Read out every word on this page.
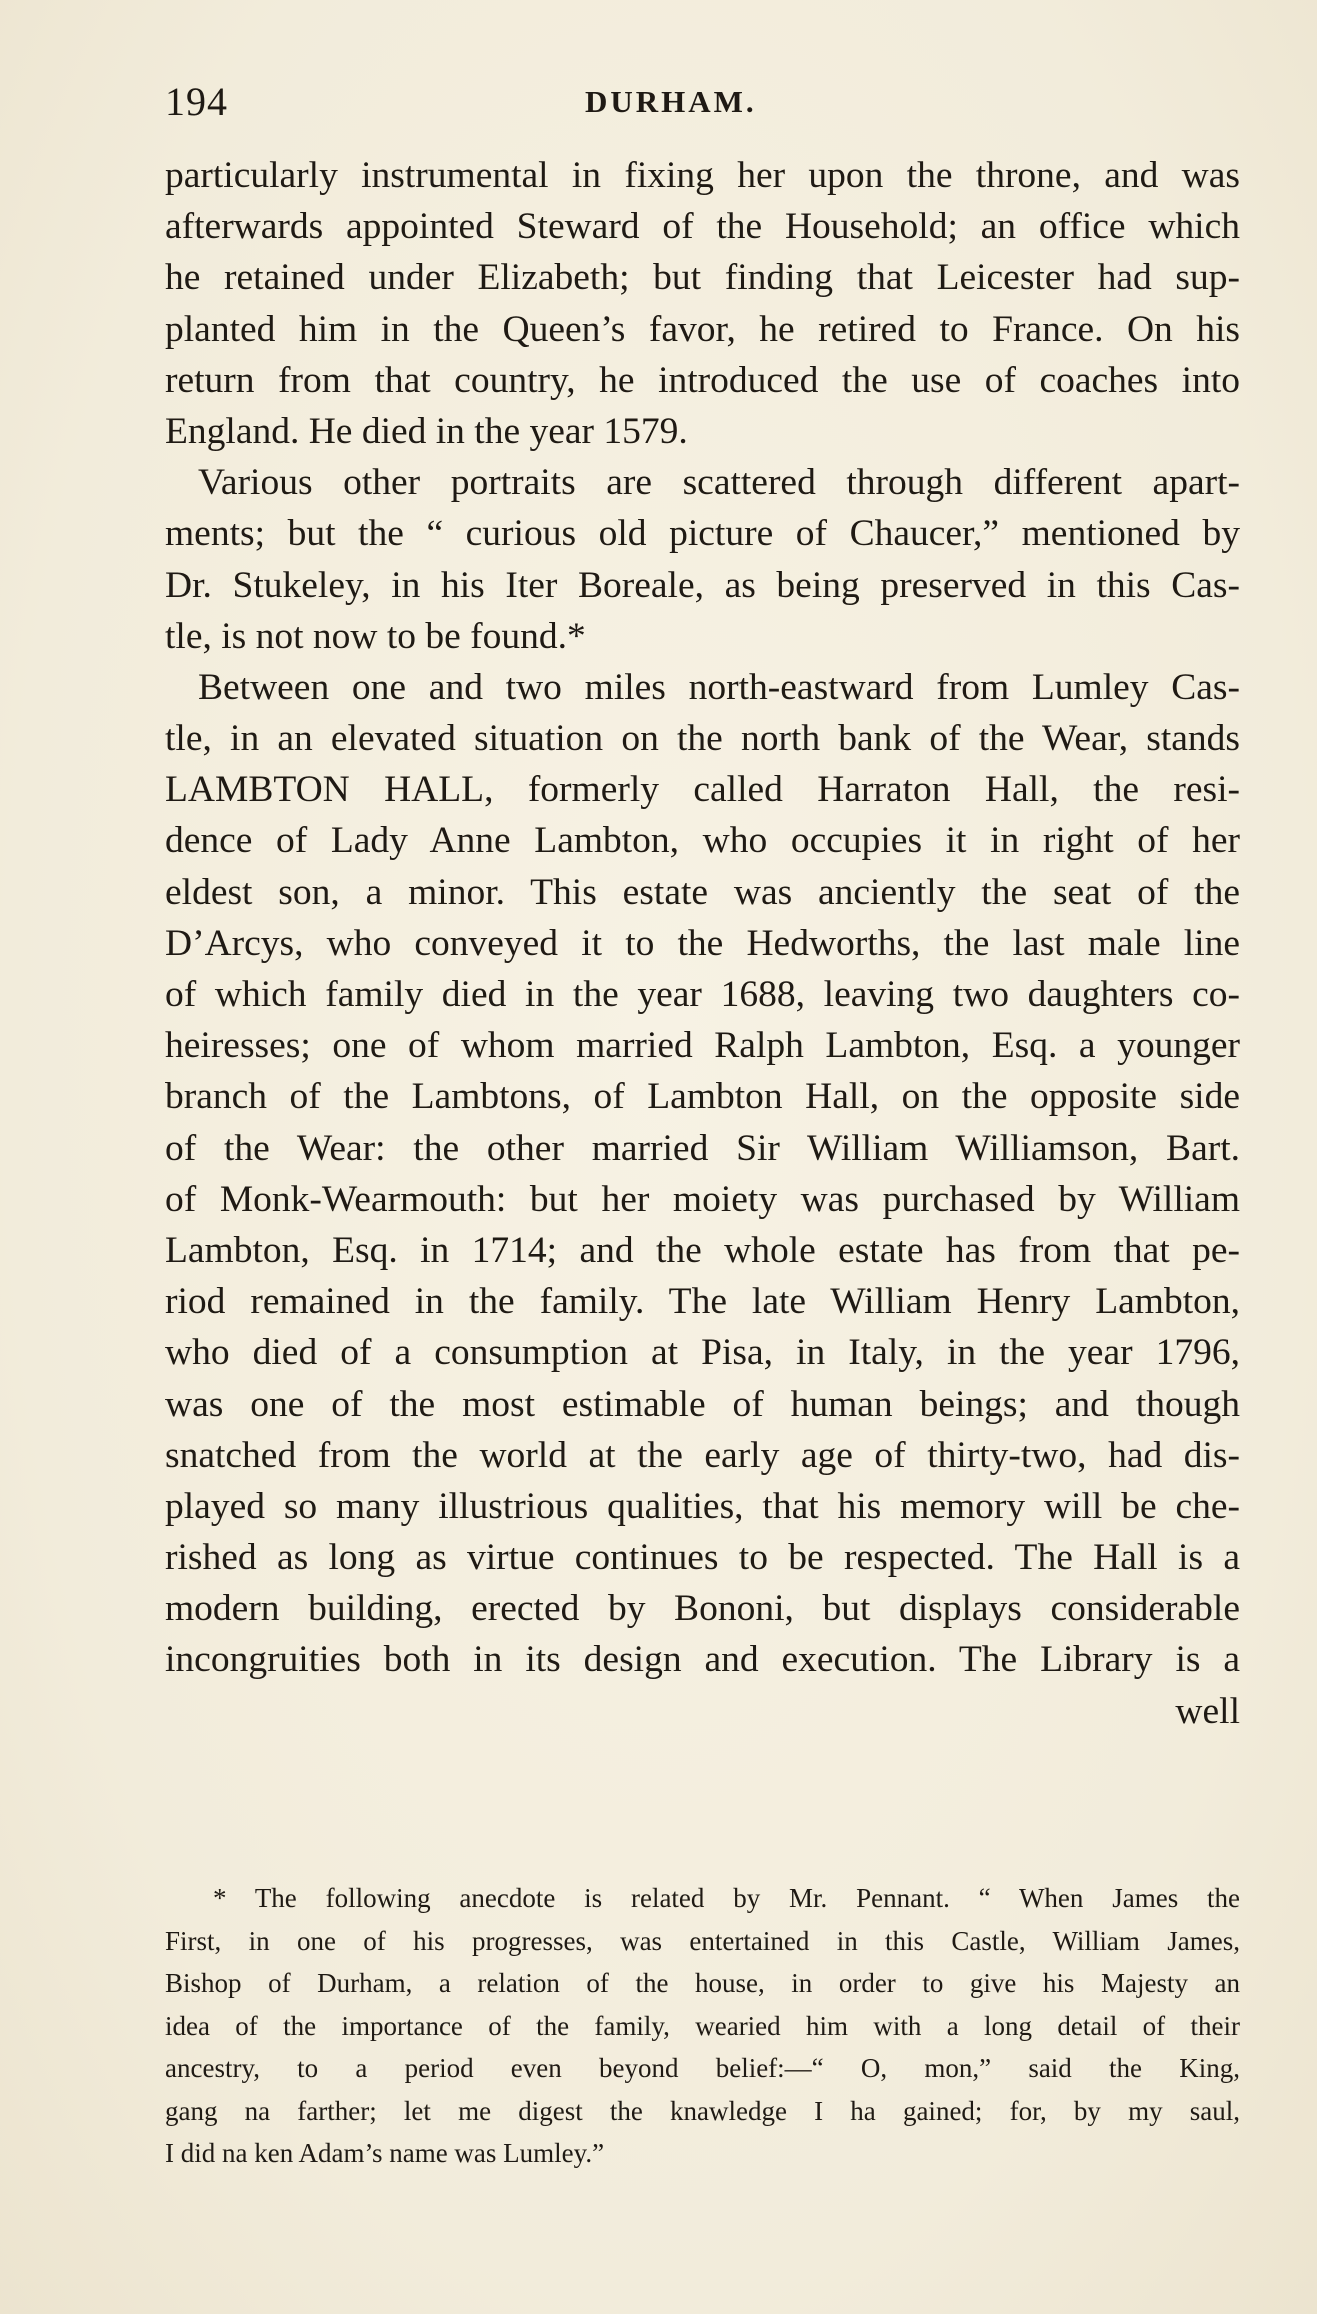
194	DURHAM.
particularly instrumental in fixing her upon the throne, and was
afterwards appointed Steward of the Household; an office which
he retained under Elizabeth; but finding that Leicester had sup-
planted him in the Queen’s favor, he retired to France. On his
return from that country, he introduced the use of coaches into
England. He died in the year 1579.
Various other portraits are scattered through different apart-
ments; but the “ curious old picture of Chaucer,” mentioned by
Dr. Stukeley, in his Iter Boreale, as being preserved in this Cas-
tle, is not now to be found.*
Between one and two miles north-eastward from Lumley Cas-
tle, in an elevated situation on the north bank of the Wear, stands
LAMBTON HALL, formerly called Harraton Hall, the resi-
dence of Lady Anne Lambton, who occupies it in right of her
eldest son, a minor. This estate was anciently the seat of the
D’Arcys, who conveyed it to the Hedworths, the last male line
of which family died in the year 1688, leaving two daughters co-
heiresses; one of whom married Ralph Lambton, Esq. a younger
branch of the Lambtons, of Lambton Hall, on the opposite side
of the Wear: the other married Sir William Williamson, Bart.
of Monk-Wearmouth: but her moiety was purchased by William
Lambton, Esq. in 1714; and the whole estate has from that pe-
riod remained in the family. The late William Henry Lambton,
who died of a consumption at Pisa, in Italy, in the year 1796,
was one of the most estimable of human beings; and though
snatched from the world at the early age of thirty-two, had dis-
played so many illustrious qualities, that his memory will be che-
rished as long as virtue continues to be respected. The Hall is a
modern building, erected by Bononi, but displays considerable
incongruities both in its design and execution. The Library is a
well
* The following anecdote is related by Mr. Pennant. “ When James the
First, in one of his progresses, was entertained in this Castle, William James,
Bishop of Durham, a relation of the house, in order to give his Majesty an
idea of the importance of the family, wearied him with a long detail of their
ancestry, to a period even beyond belief:—“ O, mon,” said the King,
gang na farther; let me digest the knawledge I ha gained; for, by my saul,
I did na ken Adam’s name was Lumley.”
